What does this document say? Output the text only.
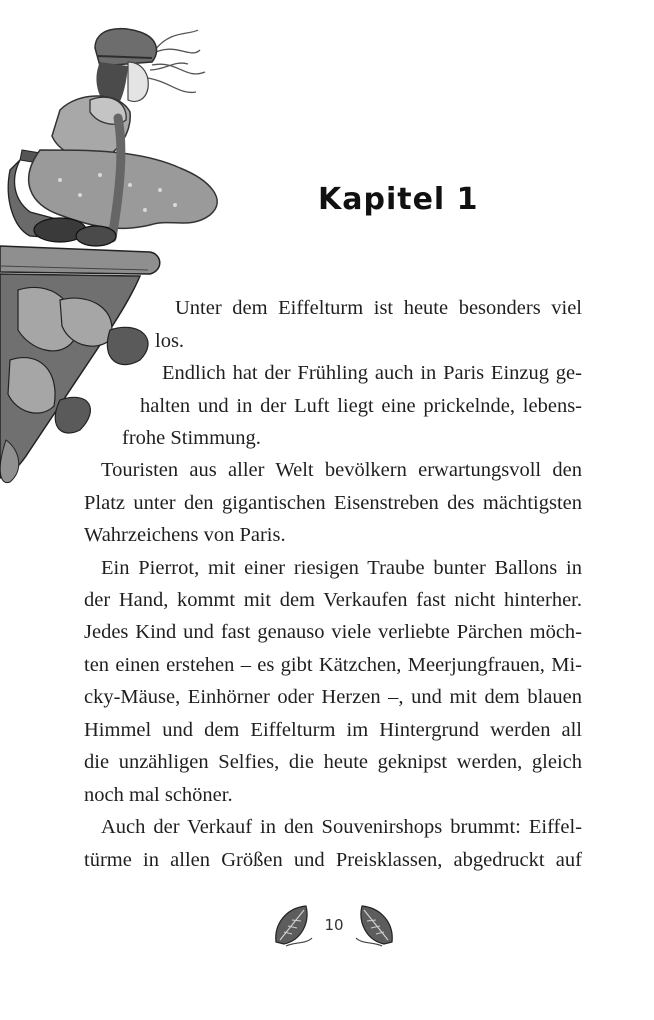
Kapitel 1
Unter dem Eiffelturm ist heute besonders viel
los.
Endlich hat der Frühling auch in Paris Einzug ge-
halten und in der Luft liegt eine prickelnde, lebens-
frohe Stimmung.
Touristen aus aller Welt bevölkern erwartungsvoll den
Platz unter den gigantischen Eisenstreben des mächtigsten
Wahrzeichens von Paris.
Ein Pierrot, mit einer riesigen Traube bunter Ballons in
der Hand, kommt mit dem Verkaufen fast nicht hinterher.
Jedes Kind und fast genauso viele verliebte Pärchen möch-
ten einen erstehen – es gibt Kätzchen, Meerjungfrauen, Mi-
cky-Mäuse, Einhörner oder Herzen –, und mit dem blauen
Himmel und dem Eiffelturm im Hintergrund werden all
die unzähligen Selfies, die heute geknipst werden, gleich
noch mal schöner.
Auch der Verkauf in den Souvenirshops brummt: Eiffel-
türme in allen Größen und Preisklassen, abgedruckt auf
10
